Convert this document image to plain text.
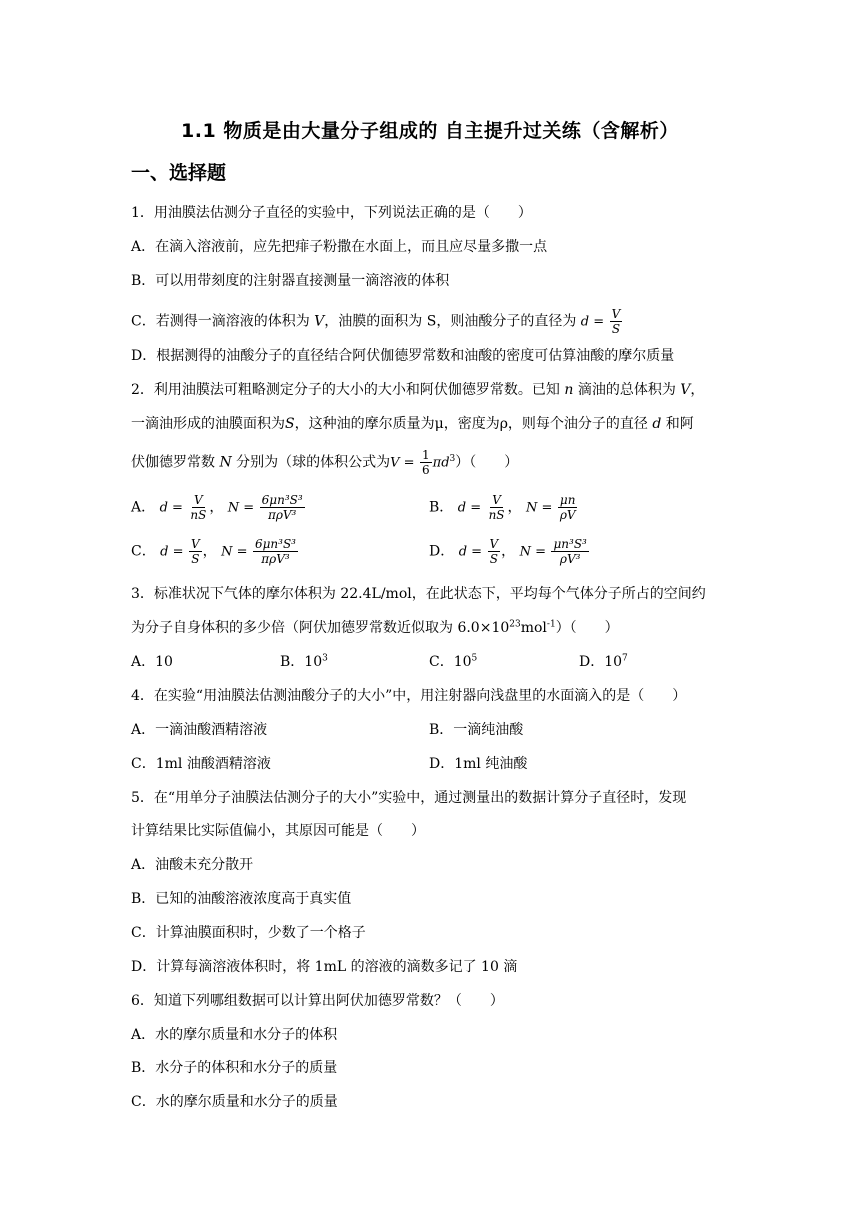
1.1 物质是由大量分子组成的 自主提升过关练（含解析）
一、选择题
1．用油膜法估测分子直径的实验中，下列说法正确的是（　　）
A．在滴入溶液前，应先把痱子粉撒在水面上，而且应尽量多撒一点
B．可以用带刻度的注射器直接测量一滴溶液的体积
C．若测得一滴溶液的体积为 V，油膜的面积为 S，则油酸分子的直径为 $d = \frac{V}{S}$
D．根据测得的油酸分子的直径结合阿伏伽德罗常数和油酸的密度可估算油酸的摩尔质量
2．利用油膜法可粗略测定分子的大小的大小和阿伏伽德罗常数。已知 n 滴油的总体积为 V，
一滴油形成的油膜面积为S，这种油的摩尔质量为μ，密度为ρ，则每个油分子的直径 d 和阿
伏伽德罗常数 N 分别为（球的体积公式为$V = \frac{1}{6} \pi d^3$）（　　）
A． $d = \frac{V}{nS}$ ， $N = \frac{\text{6μn³S³}}{\text{πρV³}}$	B． $d = \frac{V}{nS}$ ， $N = \frac{\mu n}{\rho V}$
C． $d = \frac{V}{S}$ ， $N = \frac{\text{6μn³S³}}{\text{πρV³}}$	D． $d = \frac{V}{S}$ ， $N = \frac{\text{μn³S³}}{\text{ρV³}}$
3．标准状况下气体的摩尔体积为 22.4L/mol，在此状态下，平均每个气体分子所占的空间约
为分子自身体积的多少倍（阿伏加德罗常数近似取为 $6.0\times 10^{23}mol^{-1}$）（　　）
A．10	B．$10^3$	C．$10^5$	D．$10^7$
4．在实验“用油膜法估测油酸分子的大小”中，用注射器向浅盘里的水面滴入的是（　　）
A．一滴油酸酒精溶液	B．一滴纯油酸
C．1ml 油酸酒精溶液	D．1ml 纯油酸
5．在“用单分子油膜法估测分子的大小”实验中，通过测量出的数据计算分子直径时，发现
计算结果比实际值偏小，其原因可能是（　　）
A．油酸未充分散开
B．已知的油酸溶液浓度高于真实值
C．计算油膜面积时，少数了一个格子
D．计算每滴溶液体积时，将 1mL 的溶液的滴数多记了 10 滴
6．知道下列哪组数据可以计算出阿伏加德罗常数？（　　）
A．水的摩尔质量和水分子的体积
B．水分子的体积和水分子的质量
C．水的摩尔质量和水分子的质量
